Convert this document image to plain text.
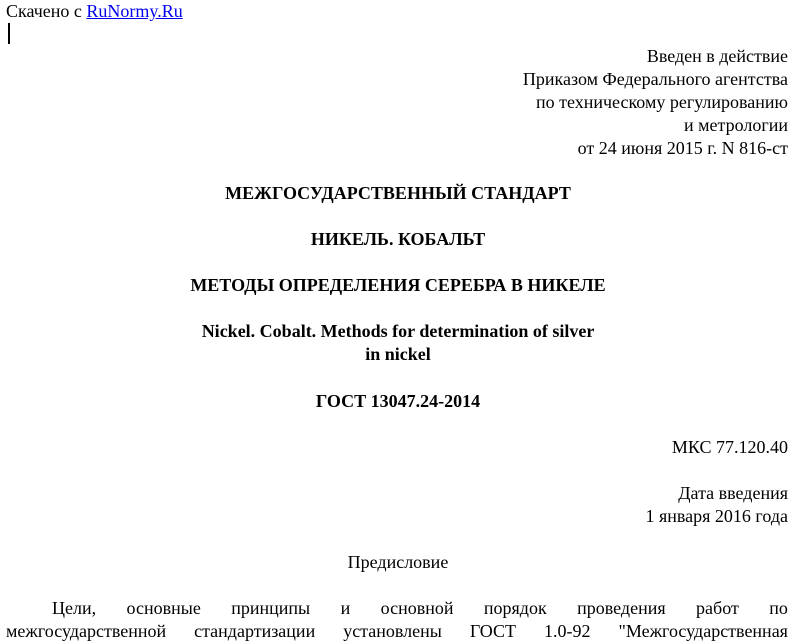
Скачено с RuNormy.Ru
Введен в действие
Приказом Федерального агентства
по техническому регулированию
и метрологии
от 24 июня 2015 г. N 816-ст
МЕЖГОСУДАРСТВЕННЫЙ СТАНДАРТ
НИКЕЛЬ. КОБАЛЬТ
МЕТОДЫ ОПРЕДЕЛЕНИЯ СЕРЕБРА В НИКЕЛЕ
Nickel. Cobalt. Methods for determination of silver
in nickel
ГОСТ 13047.24-2014
МКС 77.120.40
Дата введения
1 января 2016 года
Предисловие
Цели, основные принципы и основной порядок проведения работ по
межгосударственной стандартизации установлены ГОСТ 1.0-92 "Межгосударственная
